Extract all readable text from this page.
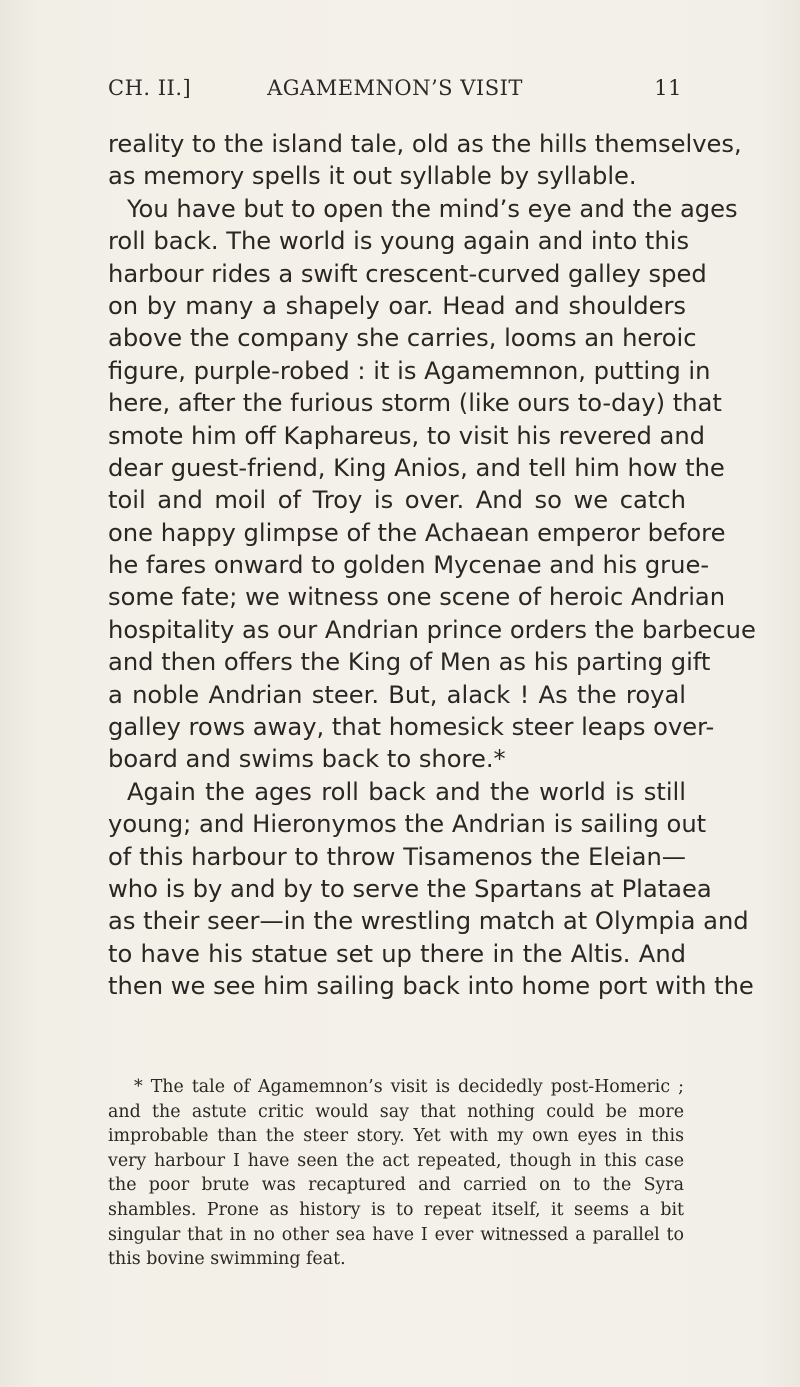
CH. II.]	AGAMEMNON’S VISIT	11
reality to the island tale, old as the hills themselves,
as memory spells it out syllable by syllable.
You have but to open the mind’s eye and the ages
roll back. The world is young again and into this
harbour rides a swift crescent-curved galley sped
on by many a shapely oar. Head and shoulders
above the company she carries, looms an heroic
figure, purple-robed : it is Agamemnon, putting in
here, after the furious storm (like ours to-day) that
smote him off Kaphareus, to visit his revered and
dear guest-friend, King Anios, and tell him how the
toil and moil of Troy is over. And so we catch
one happy glimpse of the Achaean emperor before
he fares onward to golden Mycenae and his grue-
some fate; we witness one scene of heroic Andrian
hospitality as our Andrian prince orders the barbecue
and then offers the King of Men as his parting gift
a noble Andrian steer. But, alack ! As the royal
galley rows away, that homesick steer leaps over-
board and swims back to shore.*
Again the ages roll back and the world is still
young; and Hieronymos the Andrian is sailing out
of this harbour to throw Tisamenos the Eleian—
who is by and by to serve the Spartans at Plataea
as their seer—in the wrestling match at Olympia and
to have his statue set up there in the Altis. And
then we see him sailing back into home port with the
* The tale of Agamemnon’s visit is decidedly post-Homeric ;
and the astute critic would say that nothing could be more
improbable than the steer story. Yet with my own eyes in this
very harbour I have seen the act repeated, though in this case
the poor brute was recaptured and carried on to the Syra
shambles. Prone as history is to repeat itself, it seems a bit
singular that in no other sea have I ever witnessed a parallel to
this bovine swimming feat.
